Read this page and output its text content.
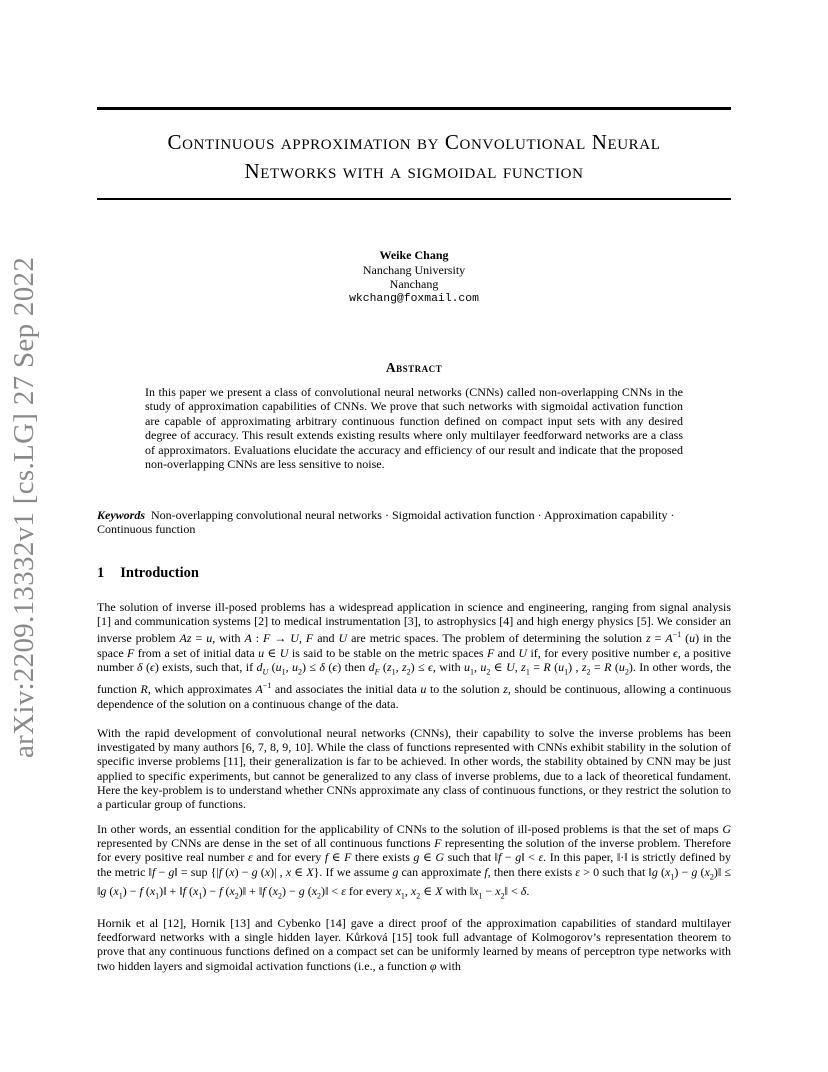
arXiv:2209.13332v1 [cs.LG] 27 Sep 2022
Continuous approximation by Convolutional Neural
Networks with a sigmoidal function
Weike Chang
Nanchang University
Nanchang
wkchang@foxmail.com
Abstract
In this paper we present a class of convolutional neural networks (CNNs) called non-overlapping CNNs in the study of approximation capabilities of CNNs. We prove that such networks with sigmoidal activation function are capable of approximating arbitrary continuous function defined on compact input sets with any desired degree of accuracy. This result extends existing results where only multilayer feedforward networks are a class of approximators. Evaluations elucidate the accuracy and efficiency of our result and indicate that the proposed non-overlapping CNNs are less sensitive to noise.
Keywords Non-overlapping convolutional neural networks · Sigmoidal activation function · Approximation capability ·
Continuous function
1 Introduction
The solution of inverse ill-posed problems has a widespread application in science and engineering, ranging from signal analysis [1] and communication systems [2] to medical instrumentation [3], to astrophysics [4] and high energy physics [5]. We consider an inverse problem Az = u, with A : F → U, F and U are metric spaces. The problem of determining the solution $z = A^{-1}$ (u) in the space F from a set of initial data u ∈ U is said to be stable on the metric spaces F and U if, for every positive number ϵ, a positive number δ (ϵ) exists, such that, if $d_U$ ($u_1$, $u_2) \le \delta$ (ϵ) then $d_F$ ($z_1$, $z_2) \le \epsilon$, with $u_1$, $u_2$ ∈ U, $z_1 = R$ $(u_1)$ , $z_2 = R$ $(u_2)$. In other words, the function R, which approximates $A^{-1}$ and associates the initial data u to the solution z, should be continuous, allowing a continuous dependence of the solution on a continuous change of the data.
With the rapid development of convolutional neural networks (CNNs), their capability to solve the inverse problems has been investigated by many authors [6, 7, 8, 9, 10]. While the class of functions represented with CNNs exhibit stability in the solution of specific inverse problems [11], their generalization is far to be achieved. In other words, the stability obtained by CNN may be just applied to specific experiments, but cannot be generalized to any class of inverse problems, due to a lack of theoretical fundament. Here the key-problem is to understand whether CNNs approximate any class of continuous functions, or they restrict the solution to a particular group of functions.
In other words, an essential condition for the applicability of CNNs to the solution of ill-posed problems is that the set of maps G represented by CNNs are dense in the set of all continuous functions F representing the solution of the inverse problem. Therefore for every positive real number ε and for every f ∈ F there exists g ∈ G such that ‖f − g‖ < ε. In this paper, ‖·‖ is strictly defined by the metric ‖f − g‖ = sup {|f (x) − g (x)| , x ∈ X}. If we assume g can approximate f, then there exists ε > 0 such that ‖g $(x_1) - g$ $(x_2)‖$ ≤ ‖g $(x_1) - f$ $(x_1)‖$ + ‖f $(x_1) - f$ $(x_2)‖$ + ‖f $(x_2) - g$ $(x_2)‖ < \varepsilon$ for every $x_1$, $x_2$ ∈ X with $‖x_1$ − $x_2‖ < \delta$.
Hornik et al [12], Hornik [13] and Cybenko [14] gave a direct proof of the approximation capabilities of standard multilayer feedforward networks with a single hidden layer. Kůrková [15] took full advantage of Kolmogorov’s representation theorem to prove that any continuous functions defined on a compact set can be uniformly learned by means of perceptron type networks with two hidden layers and sigmoidal activation functions (i.e., a function φ with
